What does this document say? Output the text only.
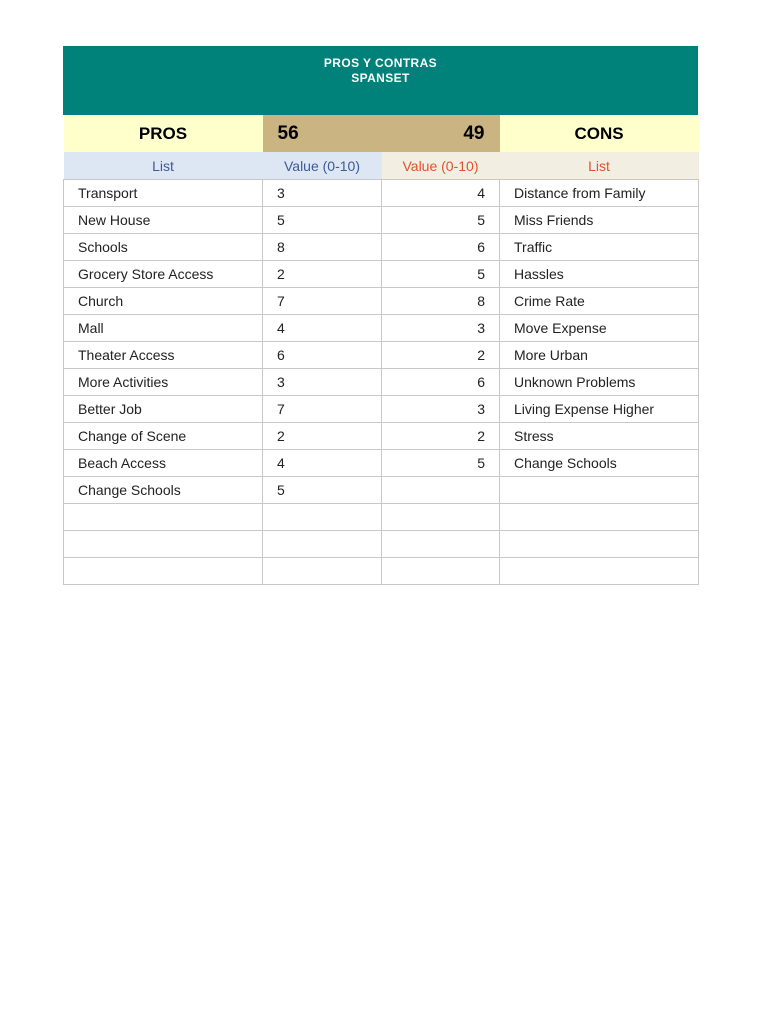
PROS Y CONTRAS
SPANSET
PROS	56	49	CONS
List	Value (0-10)	Value (0-10)	List
Transport	3	4	Distance from Family
New House	5	5	Miss Friends
Schools	8	6	Traffic
Grocery Store Access	2	5	Hassles
Church	7	8	Crime Rate
Mall	4	3	Move Expense
Theater Access	6	2	More Urban
More Activities	3	6	Unknown Problems
Better Job	7	3	Living Expense Higher
Change of Scene	2	2	Stress
Beach Access	4	5	Change Schools
Change Schools	5		
